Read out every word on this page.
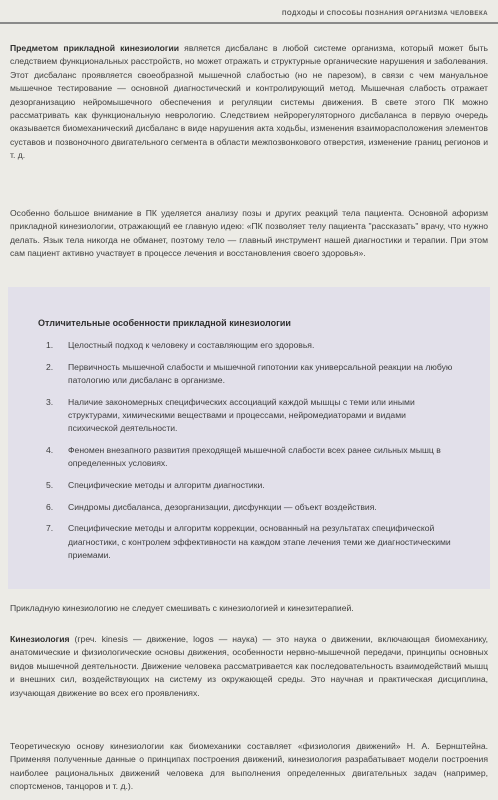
ПОДХОДЫ И СПОСОБЫ ПОЗНАНИЯ ОРГАНИЗМА ЧЕЛОВЕКА

Предметом прикладной кинезиологии является дисбаланс в любой системе организма, который может быть следствием функциональных расстройств, но может отражать и структурные органические нарушения и заболевания. Этот дисбаланс проявляется своеобразной мышечной слабостью (но не парезом), в связи с чем мануальное мышечное тестирование — основной диагностический и контролирующий метод. Мышечная слабость отражает дезорганизацию нейромышечного обеспечения и регуляции системы движения. В свете этого ПК можно рассматривать как функциональную неврологию. Следствием нейрорегуляторного дисбаланса в первую очередь оказывается биомеханический дисбаланс в виде нарушения акта ходьбы, изменения взаиморасположения элементов суставов и позвоночного двигательного сегмента в области межпозвонкового отверстия, изменение границ регионов и т. д.

Особенно большое внимание в ПК уделяется анализу позы и других реакций тела пациента. Основной афоризм прикладной кинезиологии, отражающий ее главную идею: «ПК позволяет телу пациента "рассказать" врачу, что нужно делать. Язык тела никогда не обманет, поэтому тело — главный инструмент нашей диагностики и терапии. При этом сам пациент активно участвует в процессе лечения и восстановления своего здоровья».

Отличительные особенности прикладной кинезиологии
1. Целостный подход к человеку и составляющим его здоровья.
2. Первичность мышечной слабости и мышечной гипотонии как универсальной реакции на любую патологию или дисбаланс в организме.
3. Наличие закономерных специфических ассоциаций каждой мышцы с теми или иными структурами, химическими веществами и процессами, нейромедиаторами и видами психической деятельности.
4. Феномен внезапного развития преходящей мышечной слабости всех ранее сильных мышц в определенных условиях.
5. Специфические методы и алгоритм диагностики.
6. Синдромы дисбаланса, дезорганизации, дисфункции — объект воздействия.
7. Специфические методы и алгоритм коррекции, основанный на результатах специфической диагностики, с контролем эффективности на каждом этапе лечения теми же диагностическими приемами.

Прикладную кинезиологию не следует смешивать с кинезиологией и кинезитерапией.

Кинезиология (греч. kinesis — движение, logos — наука) — это наука о движении, включающая биомеханику, анатомические и физиологические основы движения, особенности нервно-мышечной передачи, принципы основных видов мышечной деятельности. Движение человека рассматривается как последовательность взаимодействий мышц и внешних сил, воздействующих на систему из окружающей среды. Это научная и практическая дисциплина, изучающая движение во всех его проявлениях.

Теоретическую основу кинезиологии как биомеханики составляет «физиология движений» Н. А. Бернштейна. Применяя полученные данные о принципах построения движений, кинезиология разрабатывает модели построения наиболее рациональных движений человека для выполнения определенных двигательных задач (например, спортсменов, танцоров и т. д.).
